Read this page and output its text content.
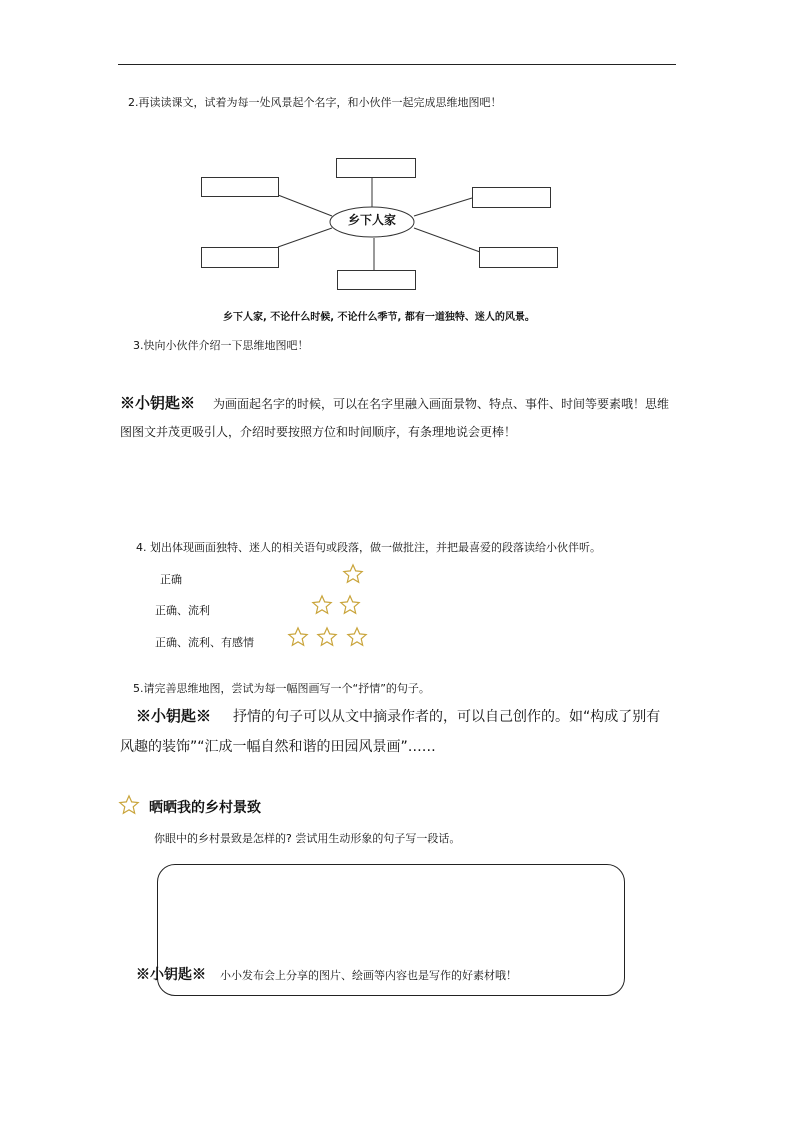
2.再读读课文，试着为每一处风景起个名字，和小伙伴一起完成思维地图吧！
乡下人家
乡下人家, 不论什么时候, 不论什么季节, 都有一道独特、迷人的风景。
3.快向小伙伴介绍一下思维地图吧！
※小钥匙※ 为画面起名字的时候，可以在名字里融入画面景物、特点、事件、时间等要素哦！思维
图图文并茂更吸引人，介绍时要按照方位和时间顺序，有条理地说会更棒！
4. 划出体现画面独特、迷人的相关语句或段落，做一做批注，并把最喜爱的段落读给小伙伴听。
正确
正确、流利
正确、流利、有感情
5.请完善思维地图，尝试为每一幅图画写一个“抒情”的句子。
※小钥匙※ 抒情的句子可以从文中摘录作者的，可以自己创作的。如“构成了别有
风趣的装饰”“汇成一幅自然和谐的田园风景画”……
晒晒我的乡村景致
你眼中的乡村景致是怎样的? 尝试用生动形象的句子写一段话。
※小钥匙※ 小小发布会上分享的图片、绘画等内容也是写作的好素材哦！
